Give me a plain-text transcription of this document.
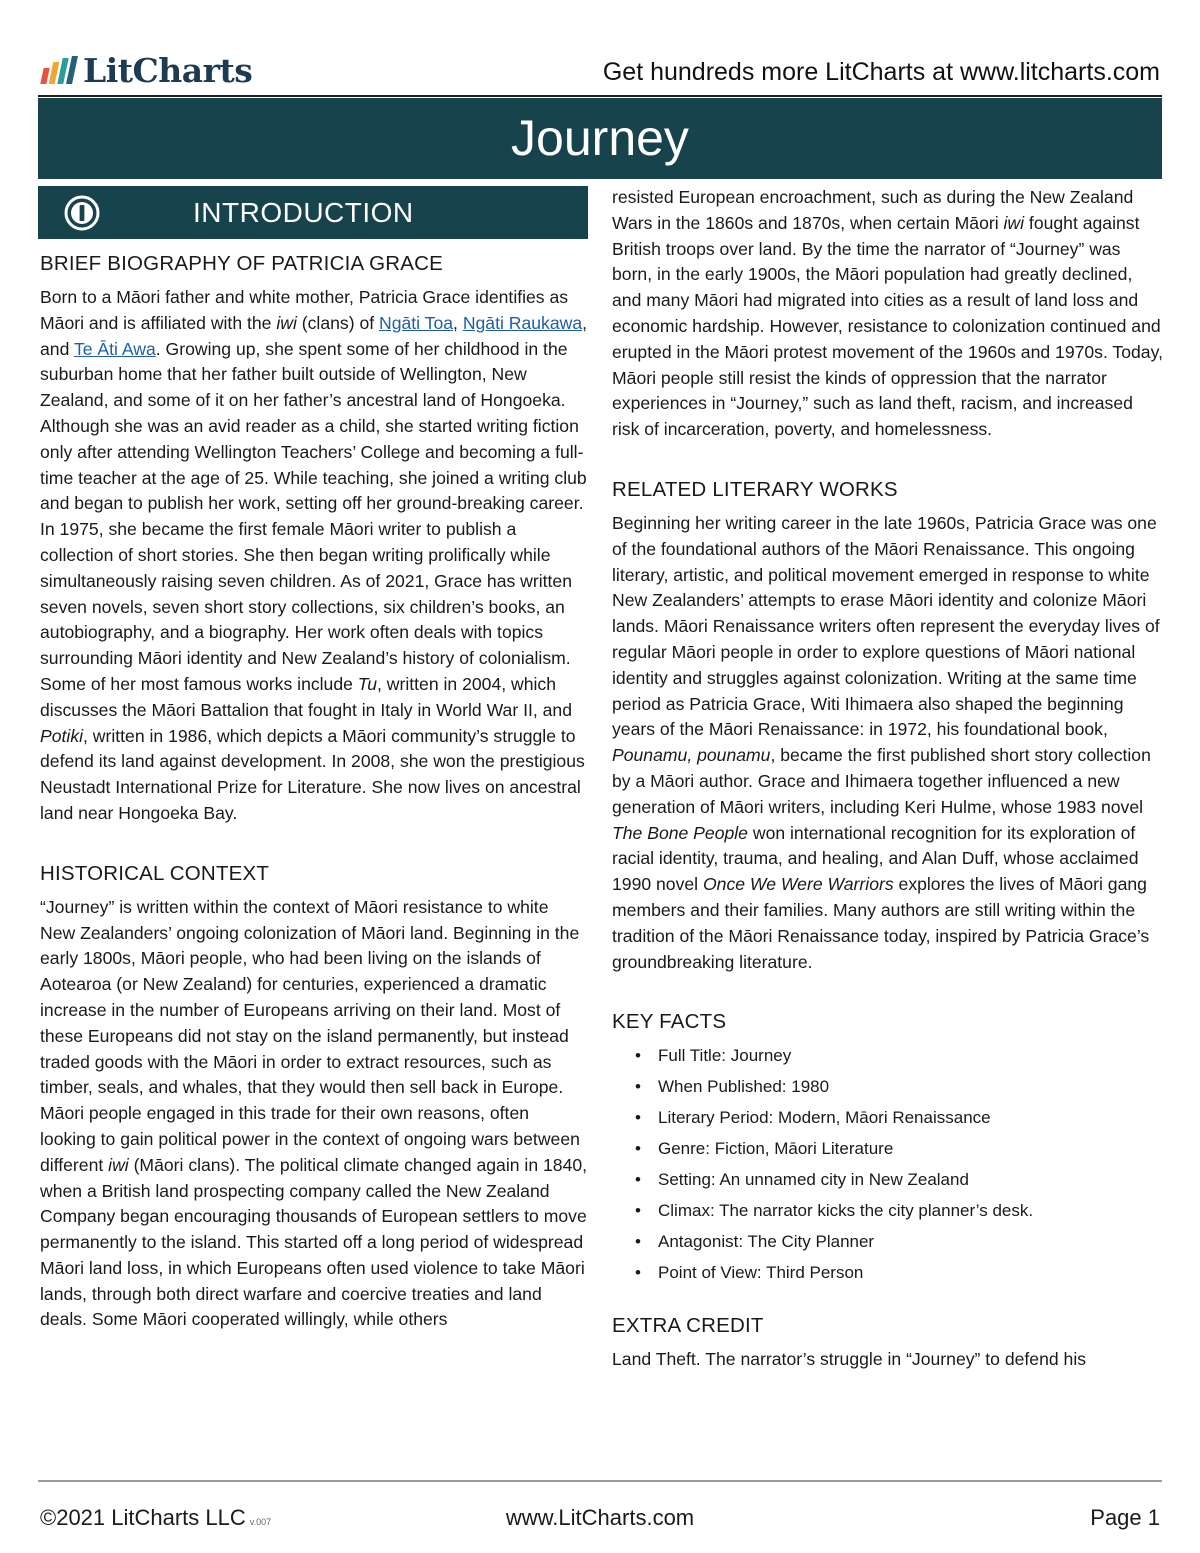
LitCharts	Get hundreds more LitCharts at www.litcharts.com
Journey
INTRODUCTION
BRIEF BIOGRAPHY OF PATRICIA GRACE

Born to a Māori father and white mother, Patricia Grace identifies as Māori and is affiliated with the iwi (clans) of Ngāti Toa, Ngāti Raukawa, and Te Āti Awa. Growing up, she spent some of her childhood in the suburban home that her father built outside of Wellington, New Zealand, and some of it on her father’s ancestral land of Hongoeka. Although she was an avid reader as a child, she started writing fiction only after attending Wellington Teachers’ College and becoming a full-time teacher at the age of 25. While teaching, she joined a writing club and began to publish her work, setting off her ground-breaking career. In 1975, she became the first female Māori writer to publish a collection of short stories. She then began writing prolifically while simultaneously raising seven children. As of 2021, Grace has written seven novels, seven short story collections, six children’s books, an autobiography, and a biography. Her work often deals with topics surrounding Māori identity and New Zealand’s history of colonialism. Some of her most famous works include Tu, written in 2004, which discusses the Māori Battalion that fought in Italy in World War II, and Potiki, written in 1986, which depicts a Māori community’s struggle to defend its land against development. In 2008, she won the prestigious Neustadt International Prize for Literature. She now lives on ancestral land near Hongoeka Bay.

HISTORICAL CONTEXT

“Journey” is written within the context of Māori resistance to white New Zealanders’ ongoing colonization of Māori land. Beginning in the early 1800s, Māori people, who had been living on the islands of Aotearoa (or New Zealand) for centuries, experienced a dramatic increase in the number of Europeans arriving on their land. Most of these Europeans did not stay on the island permanently, but instead traded goods with the Māori in order to extract resources, such as timber, seals, and whales, that they would then sell back in Europe. Māori people engaged in this trade for their own reasons, often looking to gain political power in the context of ongoing wars between different iwi (Māori clans). The political climate changed again in 1840, when a British land prospecting company called the New Zealand Company began encouraging thousands of European settlers to move permanently to the island. This started off a long period of widespread Māori land loss, in which Europeans often used violence to take Māori lands, through both direct warfare and coercive treaties and land deals. Some Māori cooperated willingly, while others

resisted European encroachment, such as during the New Zealand Wars in the 1860s and 1870s, when certain Māori iwi fought against British troops over land. By the time the narrator of “Journey” was born, in the early 1900s, the Māori population had greatly declined, and many Māori had migrated into cities as a result of land loss and economic hardship. However, resistance to colonization continued and erupted in the Māori protest movement of the 1960s and 1970s. Today, Māori people still resist the kinds of oppression that the narrator experiences in “Journey,” such as land theft, racism, and increased risk of incarceration, poverty, and homelessness.

RELATED LITERARY WORKS

Beginning her writing career in the late 1960s, Patricia Grace was one of the foundational authors of the Māori Renaissance. This ongoing literary, artistic, and political movement emerged in response to white New Zealanders’ attempts to erase Māori identity and colonize Māori lands. Māori Renaissance writers often represent the everyday lives of regular Māori people in order to explore questions of Māori national identity and struggles against colonization. Writing at the same time period as Patricia Grace, Witi Ihimaera also shaped the beginning years of the Māori Renaissance: in 1972, his foundational book, Pounamu, pounamu, became the first published short story collection by a Māori author. Grace and Ihimaera together influenced a new generation of Māori writers, including Keri Hulme, whose 1983 novel The Bone People won international recognition for its exploration of racial identity, trauma, and healing, and Alan Duff, whose acclaimed 1990 novel Once We Were Warriors explores the lives of Māori gang members and their families. Many authors are still writing within the tradition of the Māori Renaissance today, inspired by Patricia Grace’s groundbreaking literature.

KEY FACTS
• Full Title: Journey
• When Published: 1980
• Literary Period: Modern, Māori Renaissance
• Genre: Fiction, Māori Literature
• Setting: An unnamed city in New Zealand
• Climax: The narrator kicks the city planner’s desk.
• Antagonist: The City Planner
• Point of View: Third Person
EXTRA CREDIT

Land Theft. The narrator’s struggle in “Journey” to defend his

©2021 LitCharts LLC v.007	www.LitCharts.com	Page 1
